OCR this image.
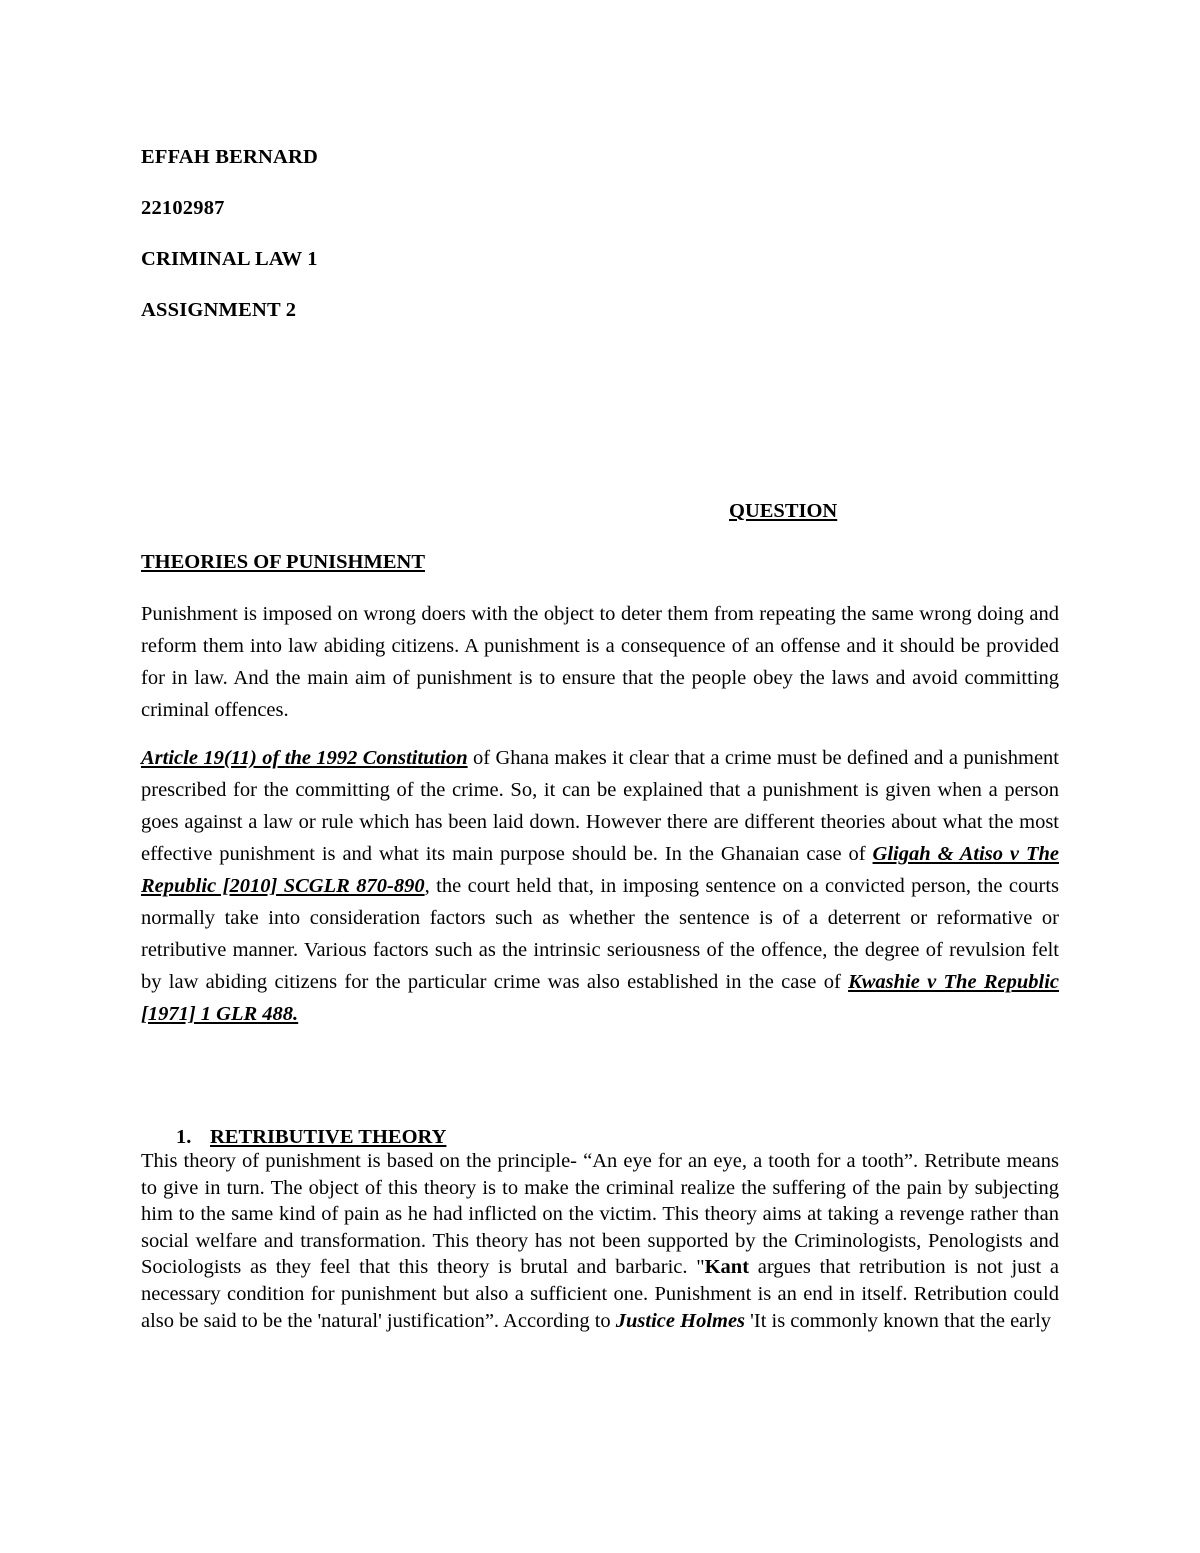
EFFAH BERNARD

22102987

CRIMINAL LAW 1

ASSIGNMENT 2

QUESTION

THEORIES OF PUNISHMENT

Punishment is imposed on wrong doers with the object to deter them from repeating the same wrong doing and reform them into law abiding citizens. A punishment is a consequence of an offense and it should be provided for in law. And the main aim of punishment is to ensure that the people obey the laws and avoid committing criminal offences.

Article 19(11) of the 1992 Constitution of Ghana makes it clear that a crime must be defined and a punishment prescribed for the committing of the crime. So, it can be explained that a punishment is given when a person goes against a law or rule which has been laid down. However there are different theories about what the most effective punishment is and what its main purpose should be. In the Ghanaian case of Gligah & Atiso v The Republic [2010] SCGLR 870-890, the court held that, in imposing sentence on a convicted person, the courts normally take into consideration factors such as whether the sentence is of a deterrent or reformative or retributive manner. Various factors such as the intrinsic seriousness of the offence, the degree of revulsion felt by law abiding citizens for the particular crime was also established in the case of Kwashie v The Republic [1971] 1 GLR 488.

1. RETRIBUTIVE THEORY

This theory of punishment is based on the principle- “An eye for an eye, a tooth for a tooth”. Retribute means to give in turn. The object of this theory is to make the criminal realize the suffering of the pain by subjecting him to the same kind of pain as he had inflicted on the victim. This theory aims at taking a revenge rather than social welfare and transformation. This theory has not been supported by the Criminologists, Penologists and Sociologists as they feel that this theory is brutal and barbaric. "Kant argues that retribution is not just a necessary condition for punishment but also a sufficient one. Punishment is an end in itself. Retribution could also be said to be the 'natural' justification”. According to Justice Holmes 'It is commonly known that the early
